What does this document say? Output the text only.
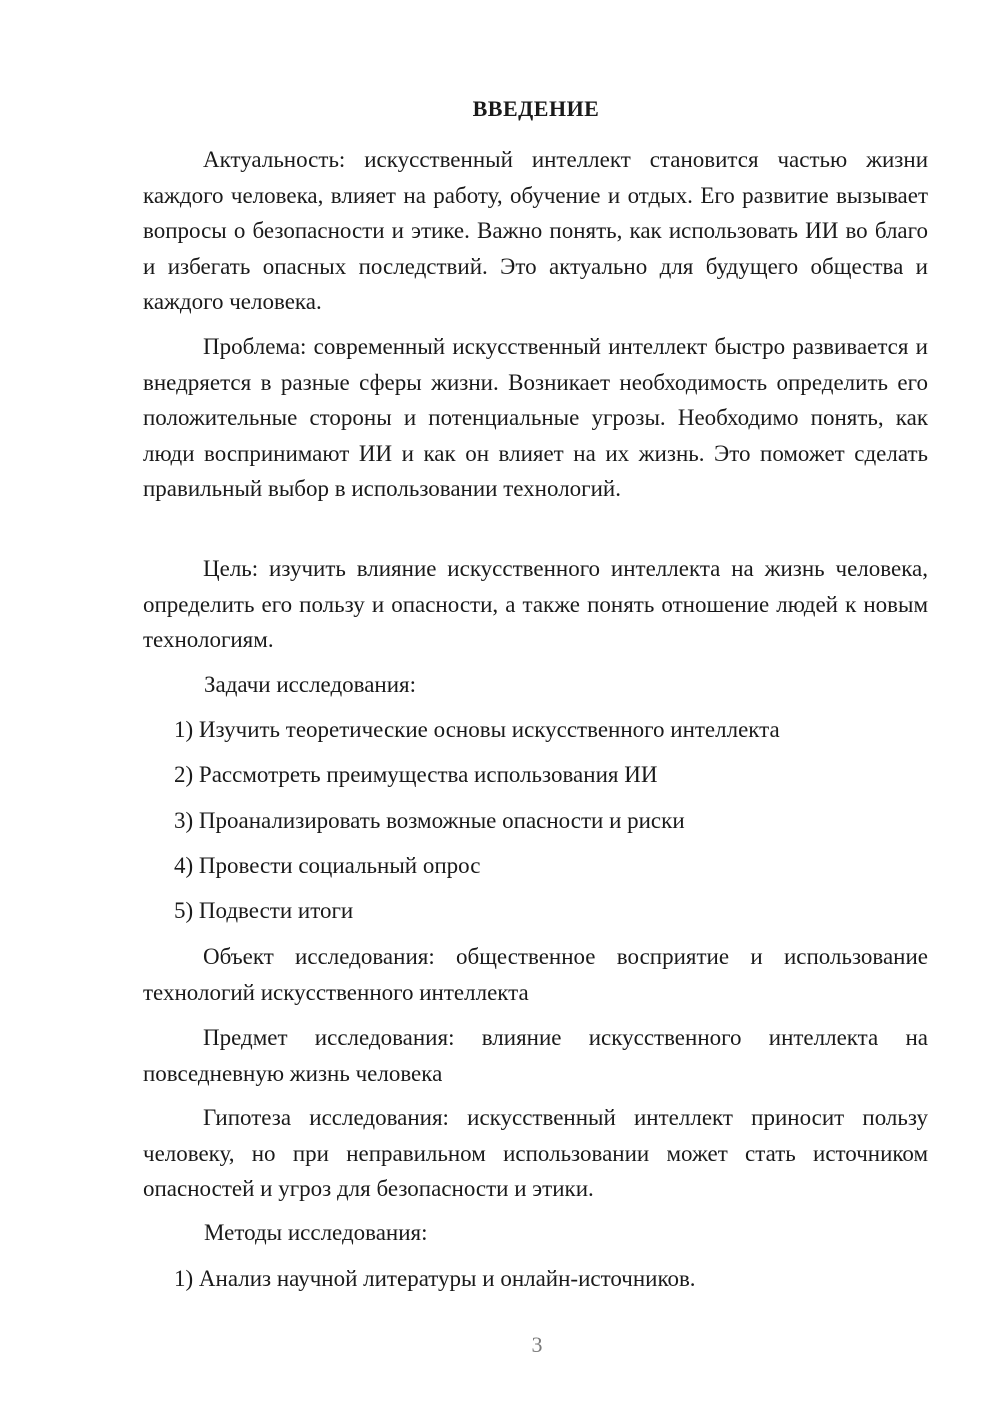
ВВЕДЕНИЕ

Актуальность: искусственный интеллект становится частью жизни каждого человека, влияет на работу, обучение и отдых. Его развитие вызывает вопросы о безопасности и этике. Важно понять, как использовать ИИ во благо и избегать опасных последствий. Это актуально для будущего общества и каждого человека.

Проблема: современный искусственный интеллект быстро развивается и внедряется в разные сферы жизни. Возникает необходимость определить его положительные стороны и потенциальные угрозы. Необходимо понять, как люди воспринимают ИИ и как он влияет на их жизнь. Это поможет сделать правильный выбор в использовании технологий.

Цель: изучить влияние искусственного интеллекта на жизнь человека, определить его пользу и опасности, а также понять отношение людей к новым технологиям.

Задачи исследования:

1) Изучить теоретические основы искусственного интеллекта

2) Рассмотреть преимущества использования ИИ

3) Проанализировать возможные опасности и риски

4) Провести социальный опрос

5) Подвести итоги

Объект исследования: общественное восприятие и использование технологий искусственного интеллекта

Предмет исследования: влияние искусственного интеллекта на повседневную жизнь человека

Гипотеза исследования: искусственный интеллект приносит пользу человеку, но при неправильном использовании может стать источником опасностей и угроз для безопасности и этики.

Методы исследования:

1) Анализ научной литературы и онлайн-источников.

3
